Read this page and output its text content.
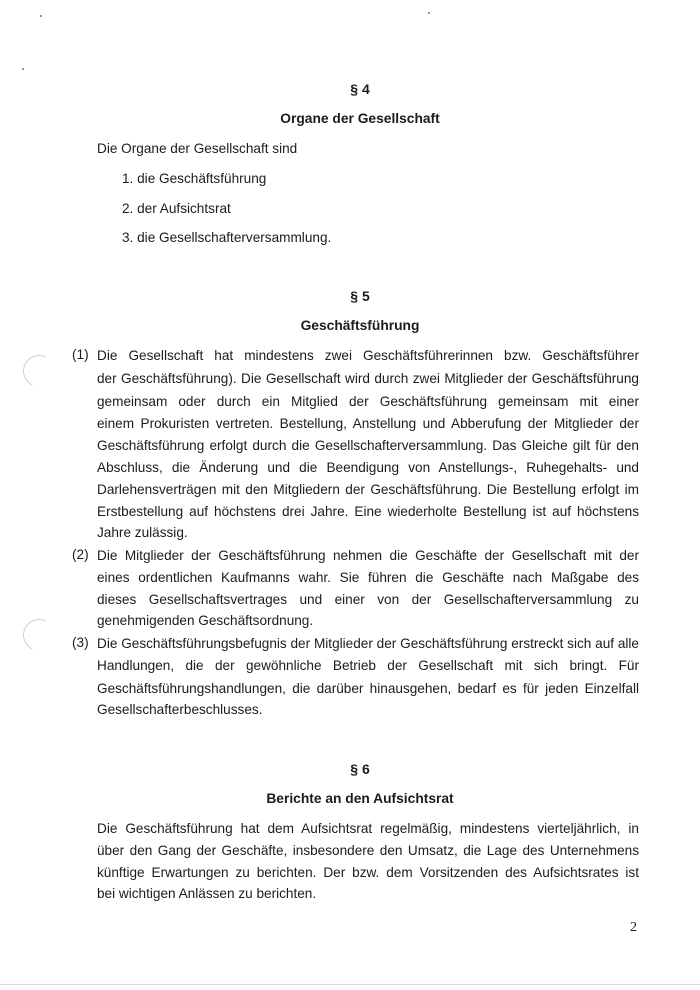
§ 4
Organe der Gesellschaft
Die Organe der Gesellschaft sind
1. die Geschäftsführung
2. der Aufsichtsrat
3. die Gesellschafterversammlung.
§ 5
Geschäftsführung
(1) Die Gesellschaft hat mindestens zwei Geschäftsführerinnen bzw. Geschäftsführer
der Geschäftsführung). Die Gesellschaft wird durch zwei Mitglieder der Geschäftsführung
gemeinsam oder durch ein Mitglied der Geschäftsführung gemeinsam mit einer
einem Prokuristen vertreten. Bestellung, Anstellung und Abberufung der Mitglieder der
Geschäftsführung erfolgt durch die Gesellschafterversammlung. Das Gleiche gilt für den
Abschluss, die Änderung und die Beendigung von Anstellungs-, Ruhegehalts- und
Darlehensverträgen mit den Mitgliedern der Geschäftsführung. Die Bestellung erfolgt im
Erstbestellung auf höchstens drei Jahre. Eine wiederholte Bestellung ist auf höchstens
Jahre zulässig.
(2) Die Mitglieder der Geschäftsführung nehmen die Geschäfte der Gesellschaft mit der
eines ordentlichen Kaufmanns wahr. Sie führen die Geschäfte nach Maßgabe des
dieses Gesellschaftsvertrages und einer von der Gesellschafterversammlung zu
genehmigenden Geschäftsordnung.
(3) Die Geschäftsführungsbefugnis der Mitglieder der Geschäftsführung erstreckt sich auf alle
Handlungen, die der gewöhnliche Betrieb der Gesellschaft mit sich bringt. Für
Geschäftsführungshandlungen, die darüber hinausgehen, bedarf es für jeden Einzelfall
Gesellschafterbeschlusses.
§ 6
Berichte an den Aufsichtsrat
Die Geschäftsführung hat dem Aufsichtsrat regelmäßig, mindestens vierteljährlich, in
über den Gang der Geschäfte, insbesondere den Umsatz, die Lage des Unternehmens
künftige Erwartungen zu berichten. Der bzw. dem Vorsitzenden des Aufsichtsrates ist
bei wichtigen Anlässen zu berichten.
2
